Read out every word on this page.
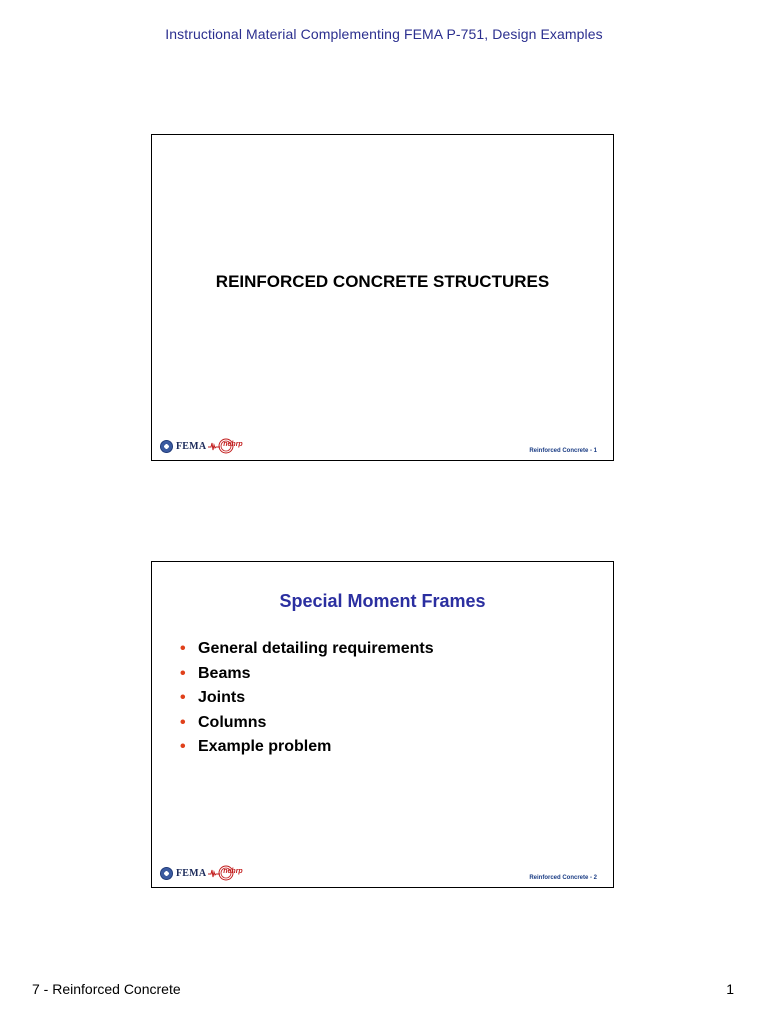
Instructional Material Complementing FEMA P-751, Design Examples
REINFORCED CONCRETE STRUCTURES
FEMA nehrp
Reinforced Concrete - 1
Special Moment Frames
• General detailing requirements
• Beams
• Joints
• Columns
• Example problem
FEMA nehrp
Reinforced Concrete - 2
7 - Reinforced Concrete	1
